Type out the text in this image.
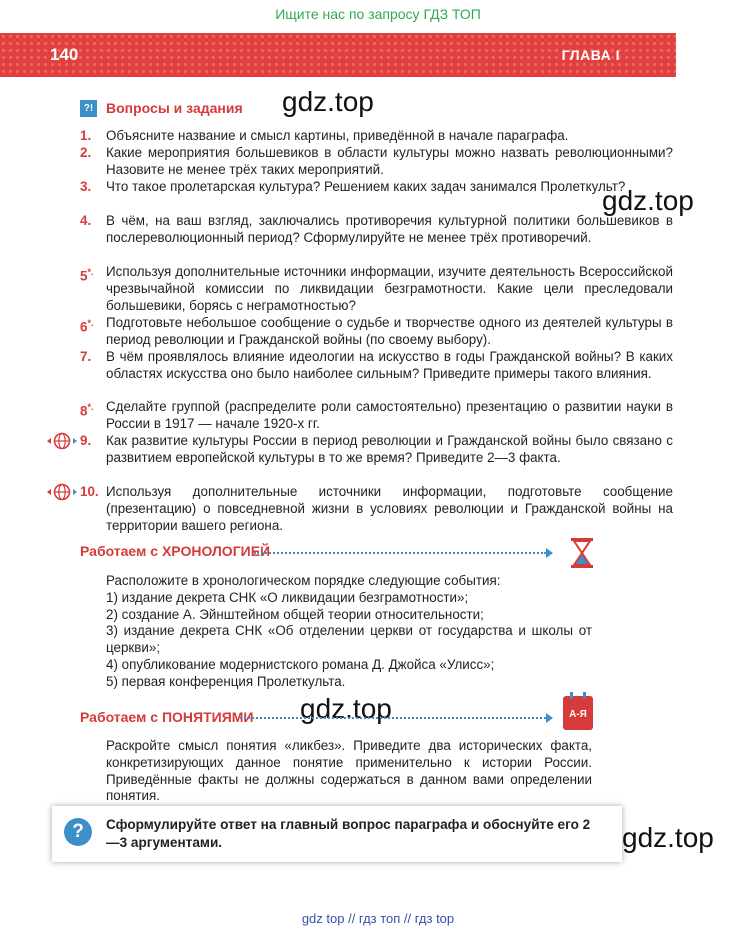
Ищите нас по запросу ГДЗ ТОП
140	ГЛАВА I
gdz.top
gdz.top
gdz.top
gdz.top
?! Вопросы и задания
1. Объясните название и смысл картины, приведённой в начале параграфа.
2. Какие мероприятия большевиков в области культуры можно назвать революционными? Назовите не менее трёх таких мероприятий.
3. Что такое пролетарская культура? Решением каких задач занимался Пролеткульт?
4. В чём, на ваш взгляд, заключались противоречия культурной политики большевиков в послереволюционный период? Сформулируйте не менее трёх противоречий.
5*. Используя дополнительные источники информации, изучите деятельность Всероссийской чрезвычайной комиссии по ликвидации безграмотности. Какие цели преследовали большевики, борясь с неграмотностью?
6*. Подготовьте небольшое сообщение о судьбе и творчестве одного из деятелей культуры в период революции и Гражданской войны (по своему выбору).
7. В чём проявлялось влияние идеологии на искусство в годы Гражданской войны? В каких областях искусства оно было наиболее сильным? Приведите примеры такого влияния.
8*. Сделайте группой (распределите роли самостоятельно) презентацию о развитии науки в России в 1917 — начале 1920-х гг.
9. Как развитие культуры России в период революции и Гражданской войны было связано с развитием европейской культуры в то же время? Приведите 2—3 факта.
10. Используя дополнительные источники информации, подготовьте сообщение (презентацию) о повседневной жизни в условиях революции и Гражданской войны на территории вашего региона.
Работаем с ХРОНОЛОГИЕЙ
Расположите в хронологическом порядке следующие события:
1) издание декрета СНК «О ликвидации безграмотности»;
2) создание А. Эйнштейном общей теории относительности;
3) издание декрета СНК «Об отделении церкви от государства и школы от церкви»;
4) опубликование модернистского романа Д. Джойса «Улисс»;
5) первая конференция Пролеткульта.
Работаем с ПОНЯТИЯМИ	А-Я
Раскройте смысл понятия «ликбез». Приведите два исторических факта, конкретизирующих данное понятие применительно к истории России. Приведённые факты не должны содержаться в данном вами определении понятия.
?	Сформулируйте ответ на главный вопрос параграфа и обоснуйте его 2—3 аргументами.
gdz top // гдз топ // гдз top
